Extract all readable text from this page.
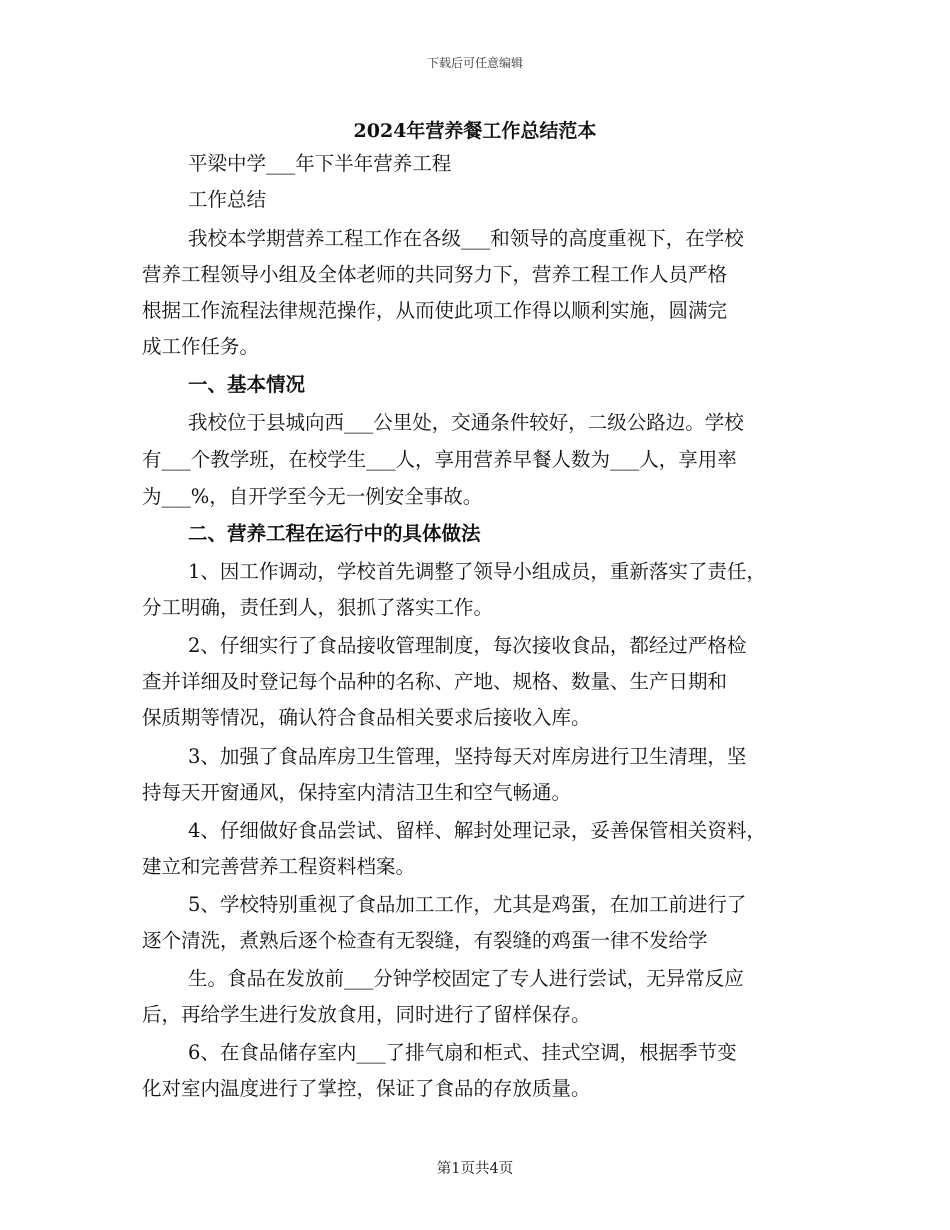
下载后可任意编辑
2024年营养餐工作总结范本
平梁中学___年下半年营养工程
工作总结
我校本学期营养工程工作在各级___和领导的高度重视下，在学校
营养工程领导小组及全体老师的共同努力下，营养工程工作人员严格
根据工作流程法律规范操作，从而使此项工作得以顺利实施，圆满完
成工作任务。
一、基本情况
我校位于县城向西___公里处，交通条件较好，二级公路边。学校
有___个教学班，在校学生___人，享用营养早餐人数为___人，享用率
为___%，自开学至今无一例安全事故。
二、营养工程在运行中的具体做法
1、因工作调动，学校首先调整了领导小组成员，重新落实了责任，
分工明确，责任到人，狠抓了落实工作。
2、仔细实行了食品接收管理制度，每次接收食品，都经过严格检
查并详细及时登记每个品种的名称、产地、规格、数量、生产日期和
保质期等情况，确认符合食品相关要求后接收入库。
3、加强了食品库房卫生管理，坚持每天对库房进行卫生清理，坚
持每天开窗通风，保持室内清洁卫生和空气畅通。
4、仔细做好食品尝试、留样、解封处理记录，妥善保管相关资料，
建立和完善营养工程资料档案。
5、学校特别重视了食品加工工作，尤其是鸡蛋，在加工前进行了
逐个清洗，煮熟后逐个检查有无裂缝，有裂缝的鸡蛋一律不发给学
生。食品在发放前___分钟学校固定了专人进行尝试，无异常反应
后，再给学生进行发放食用，同时进行了留样保存。
6、在食品储存室内___了排气扇和柜式、挂式空调，根据季节变
化对室内温度进行了掌控，保证了食品的存放质量。
第1页共4页
